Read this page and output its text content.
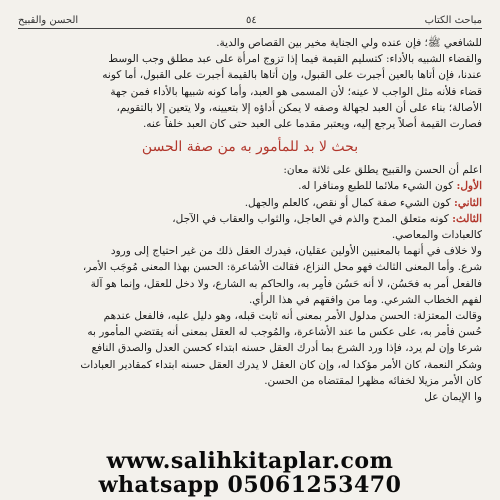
مباحث الكتاب
٥٤
الحسن والقبيح
للشافعي ﷺ؛ فإن عنده ولي الجناية مخير بين القصاص والدية.
والقضاء الشبيه بالأداء: كتسليم القيمة فيما إذا تزوج امرأة على عبد مطلق وجب الوسط
عندنا، فإن أتاها بالعين أجبرت على القبول، وإن أتاها بالقيمة أجبرت على القبول، أما كونه
قضاء فلأنه مثل الواجب لا عينه؛ لأن المسمى هو العبد، وأما كونه شبيها بالأداء فمن جهة
الأصالة؛ بناء على أن العبد لجهالة وصفه لا يمكن أداؤه إلا بتعيينه، ولا يتعين إلا بالتقويم،
فصارت القيمة أصلاً يرجع إليه، ويعتبر مقدما على العبد حتى كان العبد خلفاً عنه.
بحث لا بد للمأمور به من صفة الحسن
اعلم أن الحسن والقبيح يطلق على ثلاثة معان:
الأول: كون الشيء ملائما للطبع ومنافرا له.
الثاني: كون الشيء صفة كمال أو نقص، كالعلم والجهل.
الثالث: كونه متعلق المدح والذم في العاجل، والثواب والعقاب في الآجل،
كالعبادات والمعاصي.
ولا خلاف في أنهما بالمعنيين الأولين عقليان، فيدرك العقل ذلك من غير احتياج إلى ورود
شرع. وأما المعنى الثالث فهو محل النزاع، فقالت الأشاعرة: الحسن بهذا المعنى مُوجَب الأمر،
فالفعل أمر به فحَسُن، لا أنه حَسُن فأُمِر به، والحاكم به الشارع، ولا دخل للعقل، وإنما هو آلة
لفهم الخطاب الشرعي. وما من وافقهم في هذا الرأي.
وقالت المعتزلة: الحسن مدلول الأمر بمعنى أنه ثابت قبله، وهو دليل عليه، فالفعل عندهم
حُسن فأُمر به، على عكس ما عند الأشاعرة، والمُوجب له العقل بمعنى أنه يقتضي المأمور به
شرعا وإن لم يرد، فإذا ورد الشرع بما أدرك العقل حسنه ابتداء كحسن العدل والصدق النافع
وشكر النعمة، كان الأمر مؤكدا له، وإن كان العقل لا يدرك العقل حسنه ابتداء كمقادير العبادات
كان الأمر مزيلا لخفائه مظهرا لمقتضاه من الحسن.
وا الإيمان عل
www.salihkitaplar.com
whatsapp 05061253470
